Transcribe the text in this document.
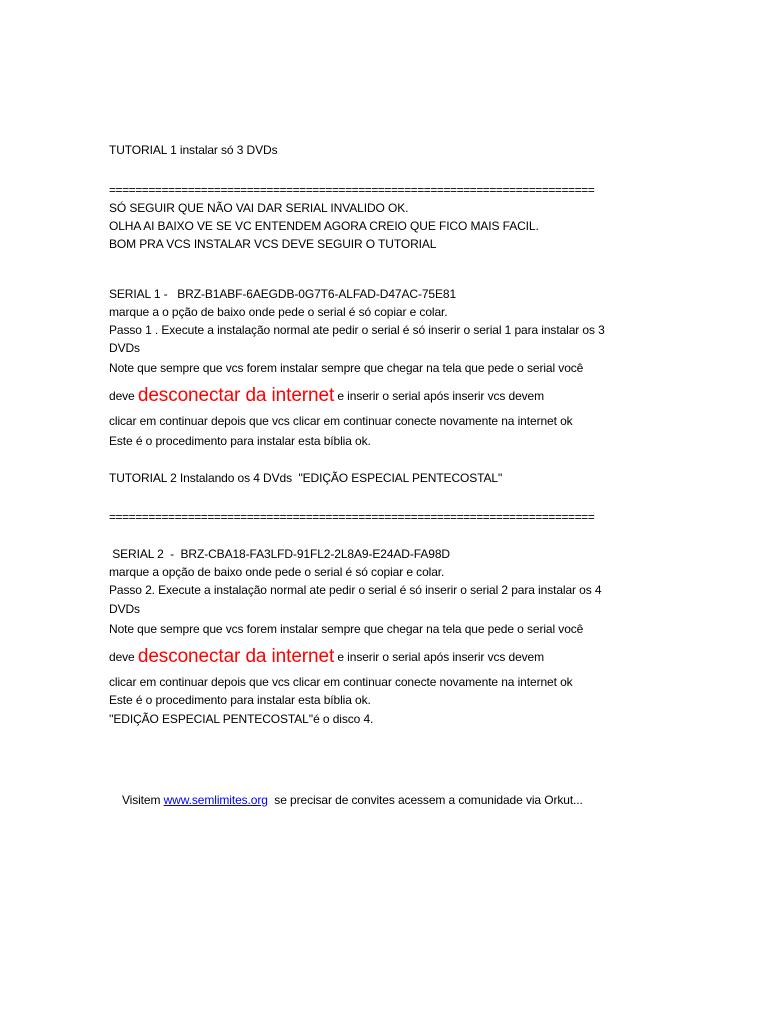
TUTORIAL 1 instalar só 3 DVDs
==========================================================================
SÓ SEGUIR QUE NÃO VAI DAR SERIAL INVALIDO OK.
OLHA AI BAIXO VE SE VC ENTENDEM AGORA CREIO QUE FICO MAIS FACIL.
BOM PRA VCS INSTALAR VCS DEVE SEGUIR O TUTORIAL
SERIAL 1 -   BRZ-B1ABF-6AEGDB-0G7T6-ALFAD-D47AC-75E81
marque a o pção de baixo onde pede o serial é só copiar e colar.
Passo 1 . Execute a instalação normal ate pedir o serial é só inserir o serial 1 para instalar os 3
DVDs
Note que sempre que vcs forem instalar sempre que chegar na tela que pede o serial você
deve desconectar da internet e inserir o serial após inserir vcs devem
clicar em continuar depois que vcs clicar em continuar conecte novamente na internet ok
Este é o procedimento para instalar esta bíblia ok.
TUTORIAL 2 Instalando os 4 DVds  "EDIÇÃO ESPECIAL PENTECOSTAL"
==========================================================================
SERIAL 2  -  BRZ-CBA18-FA3LFD-91FL2-2L8A9-E24AD-FA98D
marque a opção de baixo onde pede o serial é só copiar e colar.
Passo 2. Execute a instalação normal ate pedir o serial é só inserir o serial 2 para instalar os 4
DVDs
Note que sempre que vcs forem instalar sempre que chegar na tela que pede o serial você
deve desconectar da internet e inserir o serial após inserir vcs devem
clicar em continuar depois que vcs clicar em continuar conecte novamente na internet ok
Este é o procedimento para instalar esta bíblia ok.
''EDIÇÃO ESPECIAL PENTECOSTAL''é o disco 4.

Visitem www.semlimites.org  se precisar de convites acessem a comunidade via Orkut...
